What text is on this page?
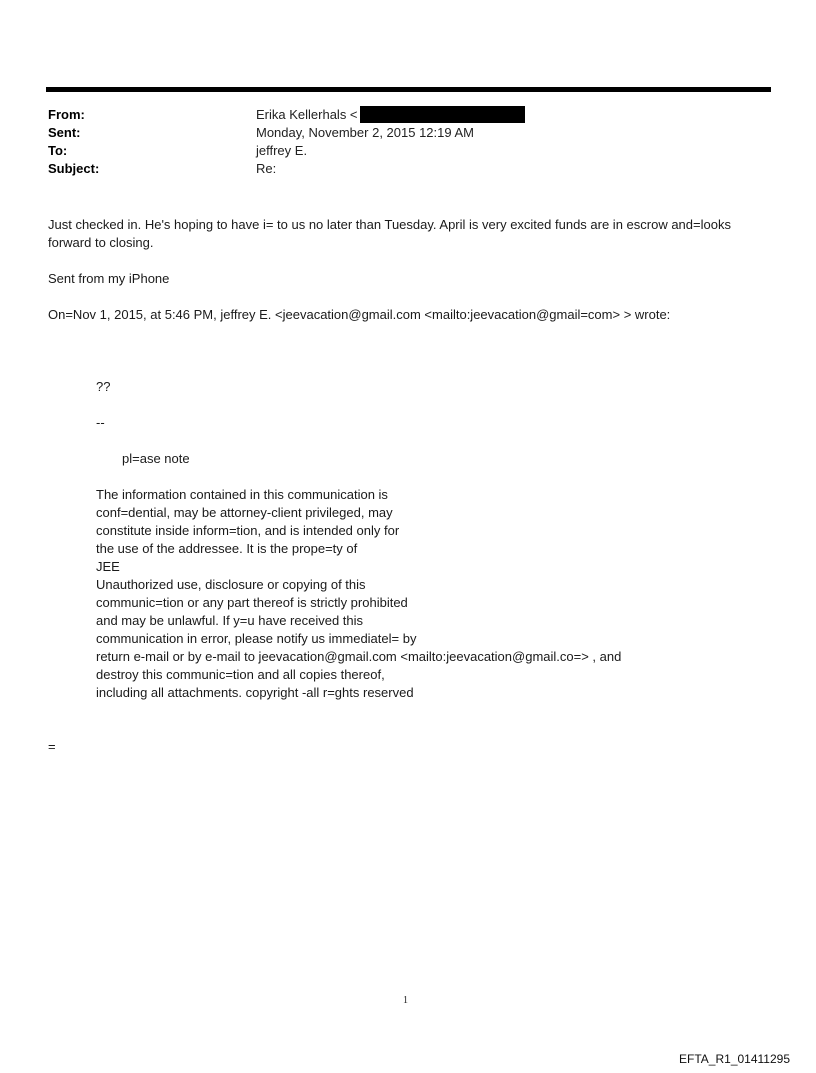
From:	Erika Kellerhals <
Sent:	Monday, November 2, 2015 12:19 AM
To:	jeffrey E.
Subject:	Re:
Just checked in. He's hoping to have i= to us no later than Tuesday. April is very excited funds are in escrow and=looks forward to closing.
Sent from my iPhone
On=Nov 1, 2015, at 5:46 PM, jeffrey E. <jeevacation@gmail.com <mailto:jeevacation@gmail=com> > wrote:
??
--
pl=ase note
The information contained in this communication is
conf=dential, may be attorney-client privileged, may
constitute inside inform=tion, and is intended only for
the use of the addressee. It is the prope=ty of
JEE
Unauthorized use, disclosure or copying of this
communic=tion or any part thereof is strictly prohibited
and may be unlawful. If y=u have received this
communication in error, please notify us immediatel= by
return e-mail or by e-mail to jeevacation@gmail.com <mailto:jeevacation@gmail.co=> , and
destroy this communic=tion and all copies thereof,
including all attachments. copyright -all r=ghts reserved
=
1
EFTA_R1_01411295
